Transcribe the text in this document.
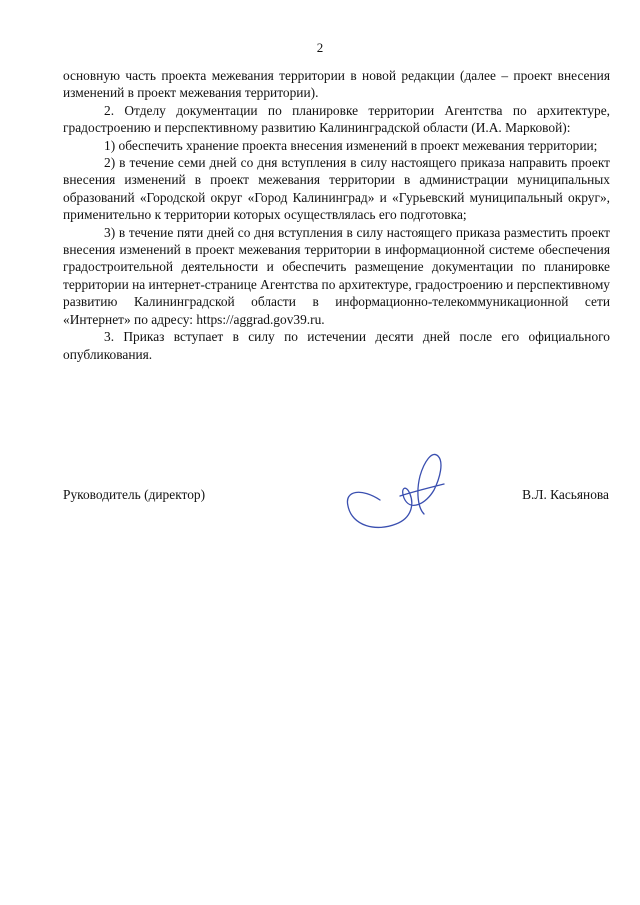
2

основную часть проекта межевания территории в новой редакции (далее – проект внесения изменений в проект межевания территории).

2. Отделу документации по планировке территории Агентства по архитектуре, градостроению и перспективному развитию Калининградской области (И.А. Марковой):

1) обеспечить хранение проекта внесения изменений в проект межевания территории;

2) в течение семи дней со дня вступления в силу настоящего приказа направить проект внесения изменений в проект межевания территории в администрации муниципальных образований «Городской округ «Город Калининград» и «Гурьевский муниципальный округ», применительно к территории которых осуществлялась его подготовка;

3) в течение пяти дней со дня вступления в силу настоящего приказа разместить проект внесения изменений в проект межевания территории в информационной системе обеспечения градостроительной деятельности и обеспечить размещение документации по планировке территории на интернет-странице Агентства по архитектуре, градостроению и перспективному развитию Калининградской области в информационно-телекоммуникационной сети «Интернет» по адресу: https://aggrad.gov39.ru.

3. Приказ вступает в силу по истечении десяти дней после его официального опубликования.

Руководитель (директор)	В.Л. Касьянова
